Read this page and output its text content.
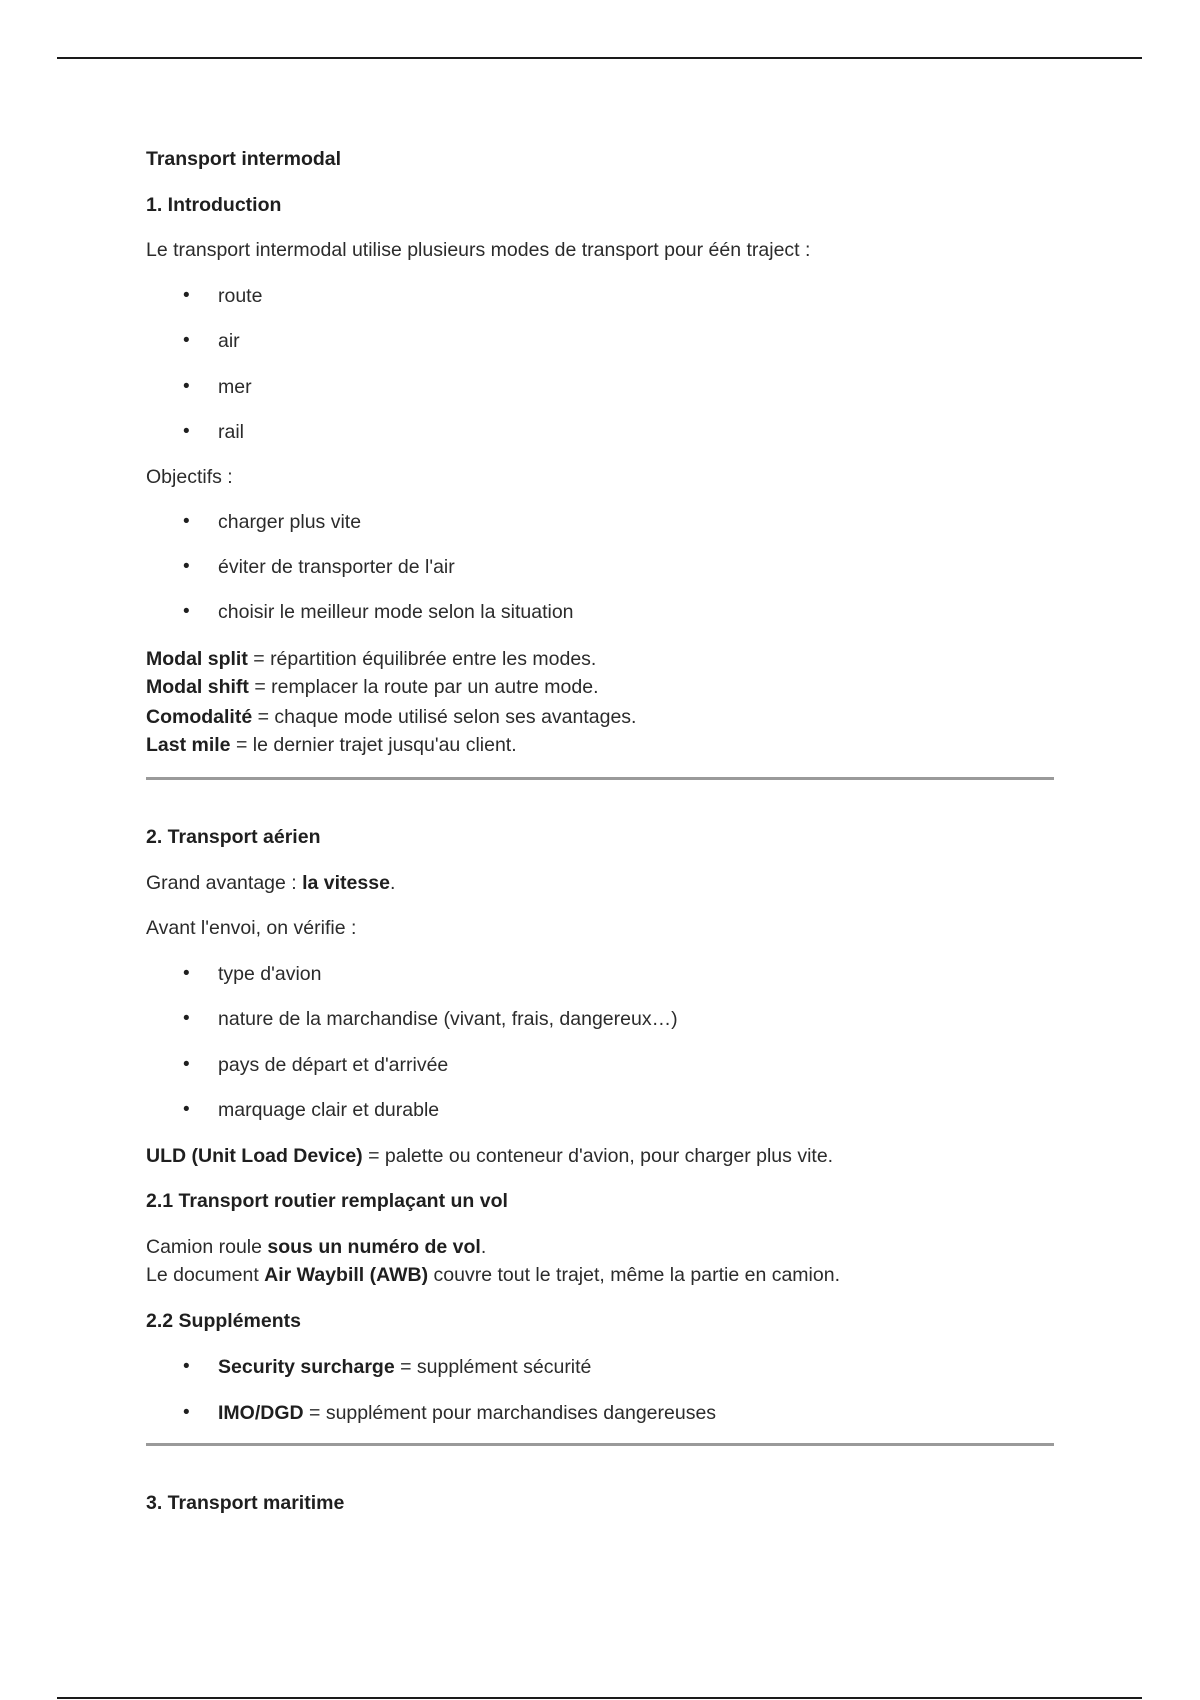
Transport intermodal

1. Introduction

Le transport intermodal utilise plusieurs modes de transport pour één traject :

• route

• air

• mer

• rail

Objectifs :

• charger plus vite

• éviter de transporter de l'air

• choisir le meilleur mode selon la situation

Modal split = répartition équilibrée entre les modes.

Modal shift = remplacer la route par un autre mode.

Comodalité = chaque mode utilisé selon ses avantages.

Last mile = le dernier trajet jusqu'au client.

2. Transport aérien

Grand avantage : la vitesse.

Avant l'envoi, on vérifie :

• type d'avion

• nature de la marchandise (vivant, frais, dangereux…)

• pays de départ et d'arrivée

• marquage clair et durable

ULD (Unit Load Device) = palette ou conteneur d'avion, pour charger plus vite.

2.1 Transport routier remplaçant un vol

Camion roule sous un numéro de vol.

Le document Air Waybill (AWB) couvre tout le trajet, même la partie en camion.

2.2 Suppléments

• Security surcharge = supplément sécurité

• IMO/DGD = supplément pour marchandises dangereuses

3. Transport maritime
